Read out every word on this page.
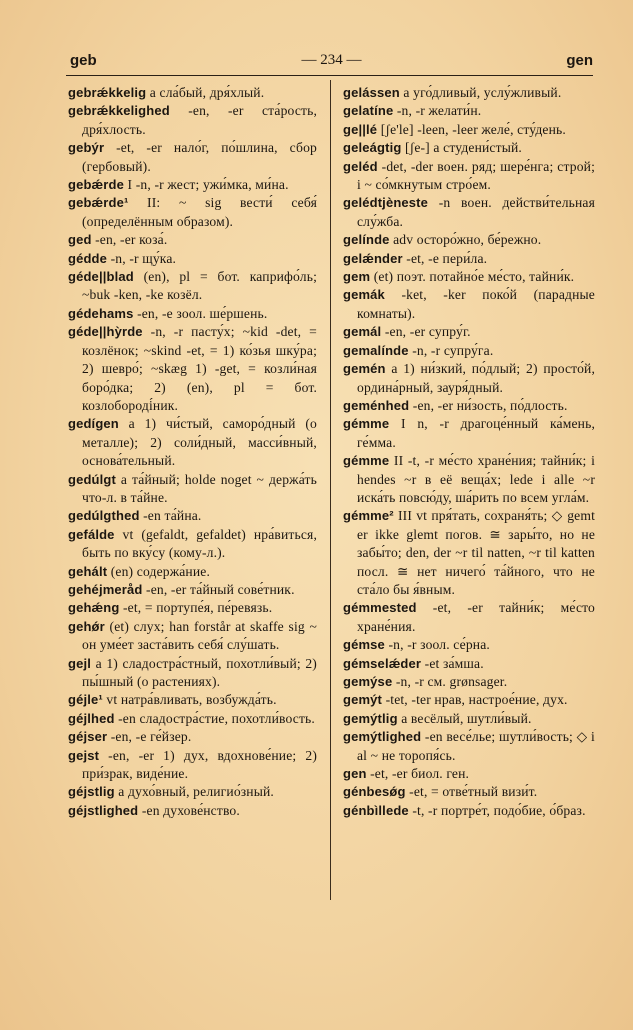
geb	— 234 —	gen

gebrǽkkelig a сла́бый, дря́хлый.

gebrǽkkelighed -en, -er ста́рость, дря́хлость.

gebýr -et, -er нало́г, по́шлина, сбор (гербовый).

gebǽrde I -n, -r жест; ужи́мка, ми́на.

gebǽrde¹ II: ~ sig вести́ себя́ (определённым образом).

ged -en, -er коза́.

gédde -n, -r щу́ка.

géde||blad (en), pl = бот. каприфо́ль; ~buk -ken, -ke козёл.

gédehams -en, -e зоол. ше́ршень.

géde||hỳrde -n, -r пасту́х; ~kid -det, = козлёнок; ~skind -et, = 1) ко́зья шку́ра; 2) шевро́; ~skæg 1) -get, = козли́ная боро́дка; 2) (en), pl = бот. козлобороді́ник.

gedígen a 1) чи́стый, саморо́дный (о металле); 2) соли́дный, масси́вный, основа́тельный.

gedúlgt a та́йный; holde noget ~ держа́ть что-л. в та́йне.

gedúlgthed -en та́йна.

gefálde vt (gefaldt, gefaldet) нра́виться, быть по вку́су (кому-л.).

gehált (en) содержа́ние.

gehéjmeråd -en, -er та́йный сове́тник.

gehǽng -et, = портупе́я, пе́ревязь.

gehǿr (et) слух; han forstår at skaffe sig ~ он уме́ет заста́вить себя́ слу́шать.

gejl a 1) сладостра́стный, похотли́вый; 2) пы́шный (о растениях).

géjle¹ vt натра́вливать, возбужда́ть.

géjlhed -en сладостра́стие, похотли́вость.

géjser -en, -e ге́йзер.

gejst -en, -er 1) дух, вдохнове́ние; 2) при́зрак, виде́ние.

géjstlig a духо́вный, религио́зный.

géjstlighed -en духове́нство.

gelássen a уго́дливый, услу́жливый.

gelatíne -n, -r желати́н.

ge||lé [ʃe'le] -leen, -leer желе́, сту́день.

geleágtig [ʃe-] a студени́стый.

geléd -det, -der воен. ряд; шере́нга; строй; i ~ со́мкнутым стро́ем.

gelédtjèneste -n воен. действи́тельная слу́жба.

gelínde adv осторо́жно, бе́режно.

gelǽnder -et, -e пери́ла.

gem (et) поэт. потайно́е ме́сто, тайни́к.

gemák -ket, -ker поко́й (парадные комнаты).

gemál -en, -er супру́г.

gemalínde -n, -r супру́га.

gemén a 1) ни́зкий, по́длый; 2) просто́й, ордина́рный, зауря́дный.

geménhed -en, -er ни́зость, по́длость.

gémme I n, -r драгоце́нный ка́мень, ге́мма.

gémme II -t, -r ме́сто хране́ния; тайни́к; i hendes ~r в её веща́х; lede i alle ~r иска́ть повсю́ду, ша́рить по всем угла́м.

gémme² III vt пря́тать, сохраня́ть; ◇ gemt er ikke glemt погов. ≅ зары́то, но не забы́то; den, der ~r til natten, ~r til katten посл. ≅ нет ничего́ та́йного, что не ста́ло бы я́вным.

gémmested -et, -er тайни́к; ме́сто хране́ния.

gémse -n, -r зоол. се́рна.

gémselǽder -et за́мша.

gemýse -n, -r см. grønsager.

gemýt -tet, -ter нрав, настрое́ние, дух.

gemýtlig a весёлый, шутли́вый.

gemýtlighed -en весе́лье; шутли́вость; ◇ i al ~ не торопя́сь.

gen -et, -er биол. ген.

génbesǿg -et, = отве́тный визи́т.

génbìllede -t, -r портре́т, подо́бие, о́браз.
